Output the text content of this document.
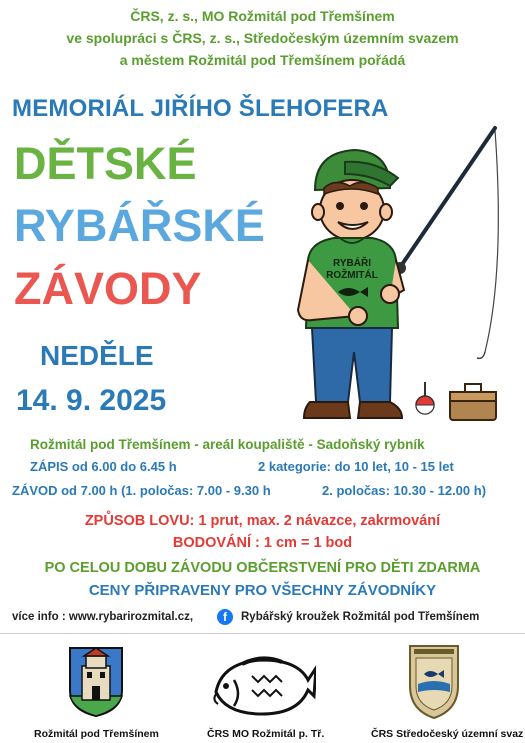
ČRS, z. s., MO Rožmitál pod Třemšínem
ve spolupráci s ČRS, z. s., Středočeským územním svazem
a městem Rožmitál pod Třemšínem pořádá
MEMORIÁL JIŘÍHO ŠLEHOFERA
DĚTSKÉ
RYBÁŘSKÉ
ZÁVODY
NEDĚLE
14. 9. 2025
RYBÁŘI
ROŽMITÁL
Rožmitál pod Třemšínem - areál koupaliště - Sadoňský rybník
ZÁPIS od 6.00 do 6.45 h	2 kategorie: do 10 let, 10 - 15 let
ZÁVOD od 7.00 h (1. poločas: 7.00 - 9.30 h	2. poločas: 10.30 - 12.00 h)
ZPŮSOB LOVU: 1 prut, max. 2 návazce, zakrmování
BODOVÁNÍ : 1 cm = 1 bod
PO CELOU DOBU ZÁVODU OBČERSTVENÍ PRO DĚTI ZDARMA
CENY PŘIPRAVENY PRO VŠECHNY ZÁVODNÍKY
více info : www.rybarirozmital.cz,	f	Rybářský kroužek Rožmitál pod Třemšínem
Rožmitál pod Třemšínem	ČRS MO Rožmitál p. Tř.	ČRS Středočeský územní svaz
